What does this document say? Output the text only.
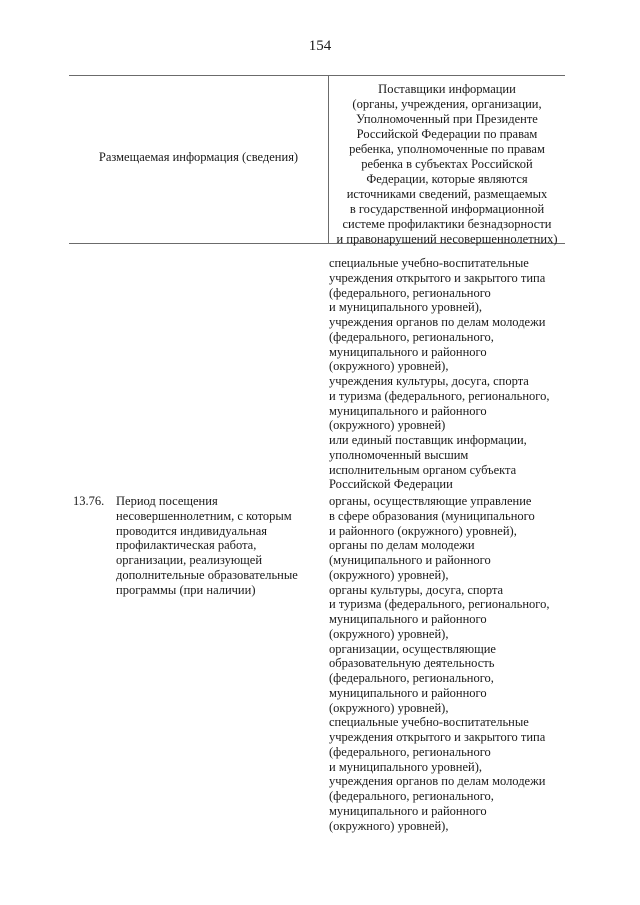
154
Размещаемая информация (сведения)
Поставщики информации
(органы, учреждения, организации,
Уполномоченный при Президенте
Российской Федерации по правам
ребенка, уполномоченные по правам
ребенка в субъектах Российской
Федерации, которые являются
источниками сведений, размещаемых
в государственной информационной
системе профилактики безнадзорности
и правонарушений несовершеннолетних)
специальные учебно-воспитательные
учреждения открытого и закрытого типа
(федерального, регионального
и муниципального уровней),
учреждения органов по делам молодежи
(федерального, регионального,
муниципального и районного
(окружного) уровней),
учреждения культуры, досуга, спорта
и туризма (федерального, регионального,
муниципального и районного
(окружного) уровней)
или единый поставщик информации,
уполномоченный высшим
исполнительным органом субъекта
Российской Федерации
13.76. Период посещения
несовершеннолетним, с которым
проводится индивидуальная
профилактическая работа,
организации, реализующей
дополнительные образовательные
программы (при наличии)
органы, осуществляющие управление
в сфере образования (муниципального
и районного (окружного) уровней),
органы по делам молодежи
(муниципального и районного
(окружного) уровней),
органы культуры, досуга, спорта
и туризма (федерального, регионального,
муниципального и районного
(окружного) уровней),
организации, осуществляющие
образовательную деятельность
(федерального, регионального,
муниципального и районного
(окружного) уровней),
специальные учебно-воспитательные
учреждения открытого и закрытого типа
(федерального, регионального
и муниципального уровней),
учреждения органов по делам молодежи
(федерального, регионального,
муниципального и районного
(окружного) уровней),
